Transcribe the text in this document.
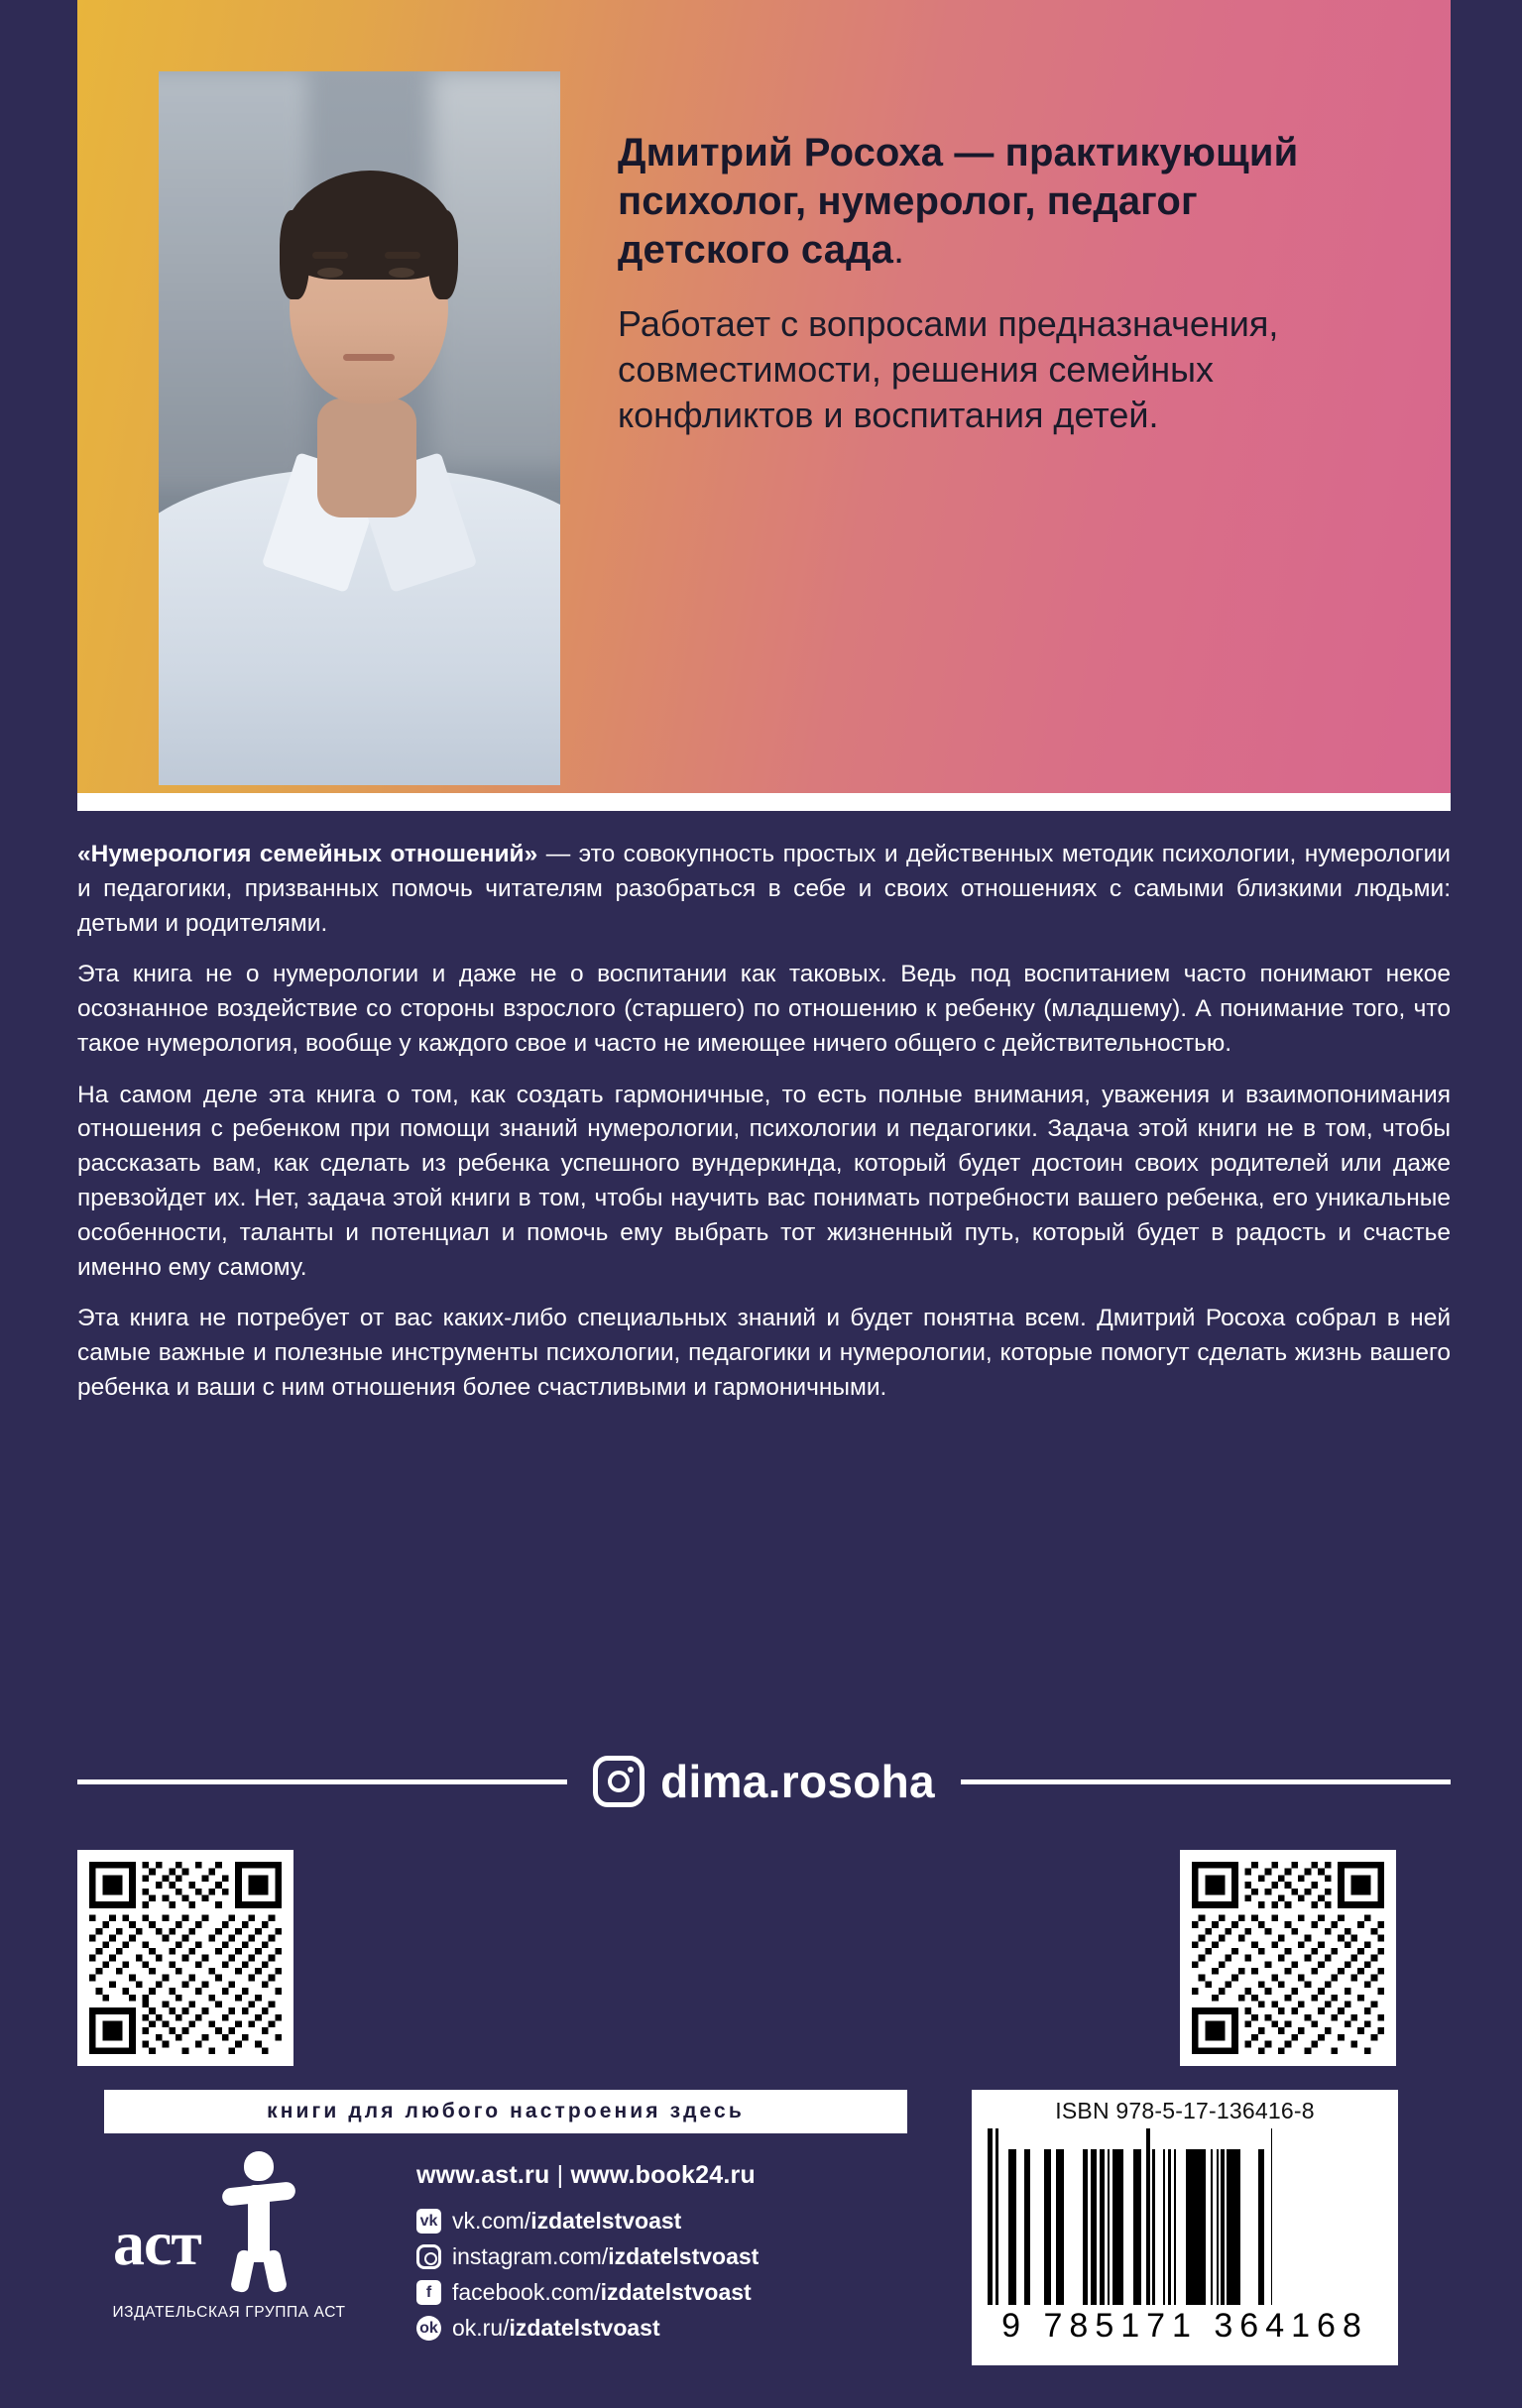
Дмитрий Росоха — практикующий психолог, нумеролог, педагог детского сада.

Работает с вопросами предназначения, совместимости, решения семейных конфликтов и воспитания детей.

«Нумерология семейных отношений» — это совокупность простых и действенных методик психологии, нумерологии и педагогики, призванных помочь читателям разобраться в себе и своих отношениях с самыми близкими людьми: детьми и родителями.

Эта книга не о нумерологии и даже не о воспитании как таковых. Ведь под воспитанием часто понимают некое осознанное воздействие со стороны взрослого (старшего) по отношению к ребенку (младшему). А понимание того, что такое нумерология, вообще у каждого свое и часто не имеющее ничего общего с действительностью.

На самом деле эта книга о том, как создать гармоничные, то есть полные внимания, уважения и взаимопонимания отношения с ребенком при помощи знаний нумерологии, психологии и педагогики. Задача этой книги не в том, чтобы рассказать вам, как сделать из ребенка успешного вундеркинда, который будет достоин своих родителей или даже превзойдет их. Нет, задача этой книги в том, чтобы научить вас понимать потребности вашего ребенка, его уникальные особенности, таланты и потенциал и помочь ему выбрать тот жизненный путь, который будет в радость и счастье именно ему самому.

Эта книга не потребует от вас каких-либо специальных знаний и будет понятна всем. Дмитрий Росоха собрал в ней самые важные и полезные инструменты психологии, педагогики и нумерологии, которые помогут сделать жизнь вашего ребенка и ваши с ним отношения более счастливыми и гармоничными.

dima.rosoha
книги для любого настроения здесь
аст
ИЗДАТЕЛЬСКАЯ ГРУППА АСТ
www.ast.ru | www.book24.ru
vk vk.com/izdatelstvoast
instagram.com/izdatelstvoast
f facebook.com/izdatelstvoast
ok ok.ru/izdatelstvoast
ISBN 978-5-17-136416-8
9 785171 364168
